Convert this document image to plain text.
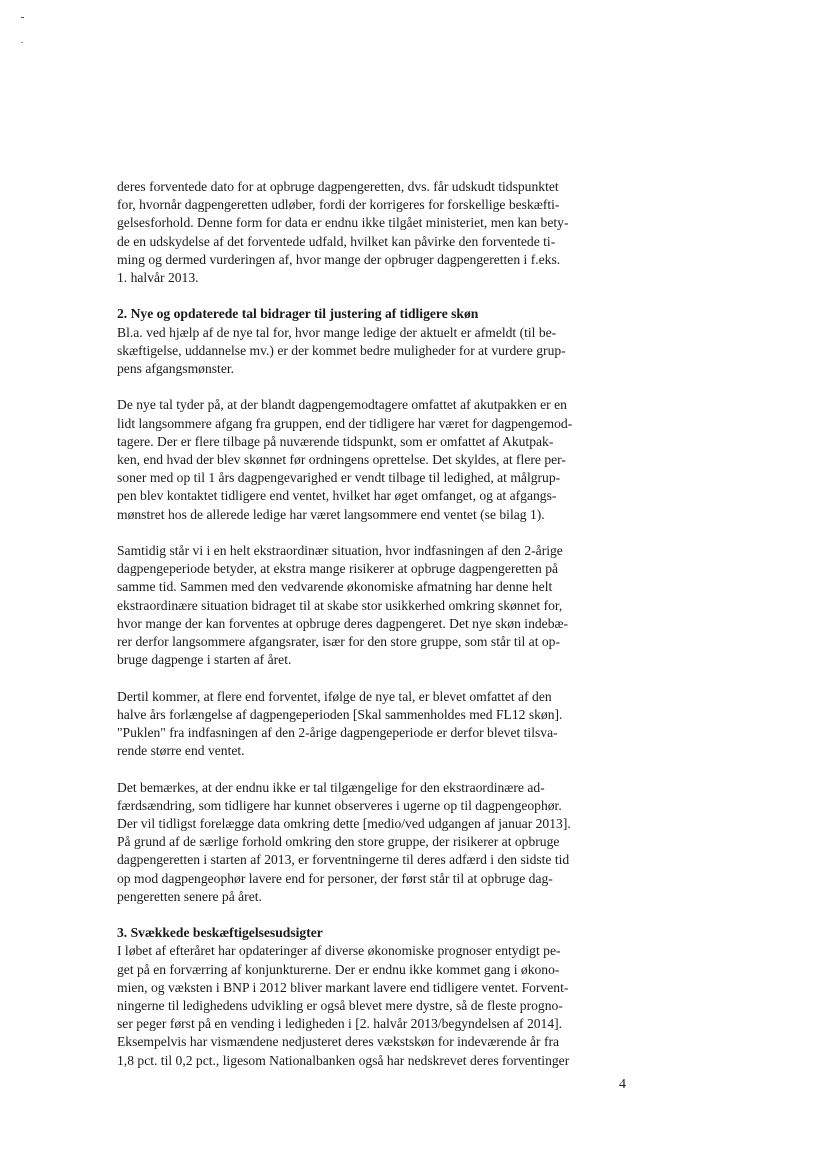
deres forventede dato for at opbruge dagpengeretten, dvs. får udskudt tidspunktet
for, hvornår dagpengeretten udløber, fordi der korrigeres for forskellige beskæfti-
gelsesforhold. Denne form for data er endnu ikke tilgået ministeriet, men kan bety-
de en udskydelse af det forventede udfald, hvilket kan påvirke den forventede ti-
ming og dermed vurderingen af, hvor mange der opbruger dagpengeretten i f.eks.
1. halvår 2013.

2. Nye og opdaterede tal bidrager til justering af tidligere skøn

Bl.a. ved hjælp af de nye tal for, hvor mange ledige der aktuelt er afmeldt (til be-
skæftigelse, uddannelse mv.) er der kommet bedre muligheder for at vurdere grup-
pens afgangsmønster.

De nye tal tyder på, at der blandt dagpengemodtagere omfattet af akutpakken er en
lidt langsommere afgang fra gruppen, end der tidligere har været for dagpengemod-
tagere. Der er flere tilbage på nuværende tidspunkt, som er omfattet af Akutpak-
ken, end hvad der blev skønnet før ordningens oprettelse. Det skyldes, at flere per-
soner med op til 1 års dagpengevarighed er vendt tilbage til ledighed, at målgrup-
pen blev kontaktet tidligere end ventet, hvilket har øget omfanget, og at afgangs-
mønstret hos de allerede ledige har været langsommere end ventet (se bilag 1).

Samtidig står vi i en helt ekstraordinær situation, hvor indfasningen af den 2-årige
dagpengeperiode betyder, at ekstra mange risikerer at opbruge dagpengeretten på
samme tid. Sammen med den vedvarende økonomiske afmatning har denne helt
ekstraordinære situation bidraget til at skabe stor usikkerhed omkring skønnet for,
hvor mange der kan forventes at opbruge deres dagpengeret. Det nye skøn indebæ-
rer derfor langsommere afgangsrater, især for den store gruppe, som står til at op-
bruge dagpenge i starten af året.

Dertil kommer, at flere end forventet, ifølge de nye tal, er blevet omfattet af den
halve års forlængelse af dagpengeperioden [Skal sammenholdes med FL12 skøn].
"Puklen" fra indfasningen af den 2-årige dagpengeperiode er derfor blevet tilsva-
rende større end ventet.

Det bemærkes, at der endnu ikke er tal tilgængelige for den ekstraordinære ad-
færdsændring, som tidligere har kunnet observeres i ugerne op til dagpengeophør.
Der vil tidligst forelægge data omkring dette [medio/ved udgangen af januar 2013].
På grund af de særlige forhold omkring den store gruppe, der risikerer at opbruge
dagpengeretten i starten af 2013, er forventningerne til deres adfærd i den sidste tid
op mod dagpengeophør lavere end for personer, der først står til at opbruge dag-
pengeretten senere på året.

3. Svækkede beskæftigelsesudsigter

I løbet af efteråret har opdateringer af diverse økonomiske prognoser entydigt pe-
get på en forværring af konjunkturerne. Der er endnu ikke kommet gang i økono-
mien, og væksten i BNP i 2012 bliver markant lavere end tidligere ventet. Forvent-
ningerne til ledighedens udvikling er også blevet mere dystre, så de fleste progno-
ser peger først på en vending i ledigheden i [2. halvår 2013/begyndelsen af 2014].
Eksempelvis har vismændene nedjusteret deres vækstskøn for indeværende år fra
1,8 pct. til 0,2 pct., ligesom Nationalbanken også har nedskrevet deres forventinger

4
